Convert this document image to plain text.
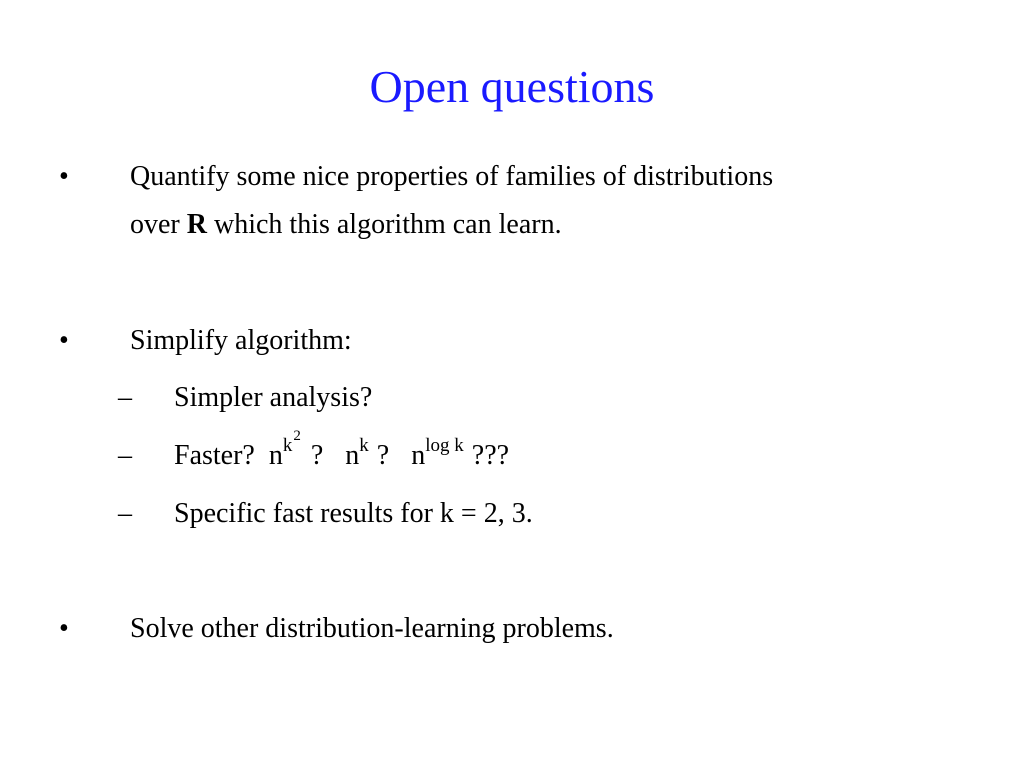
Open questions
• Quantify some nice properties of families of distributions
over R which this algorithm can learn.
• Simplify algorithm:
– Simpler analysis?
– Faster? $n^{k2}$? $n^k$ ? $n^{log k}$ ???
– Specific fast results for k = 2, 3.
• Solve other distribution-learning problems.
